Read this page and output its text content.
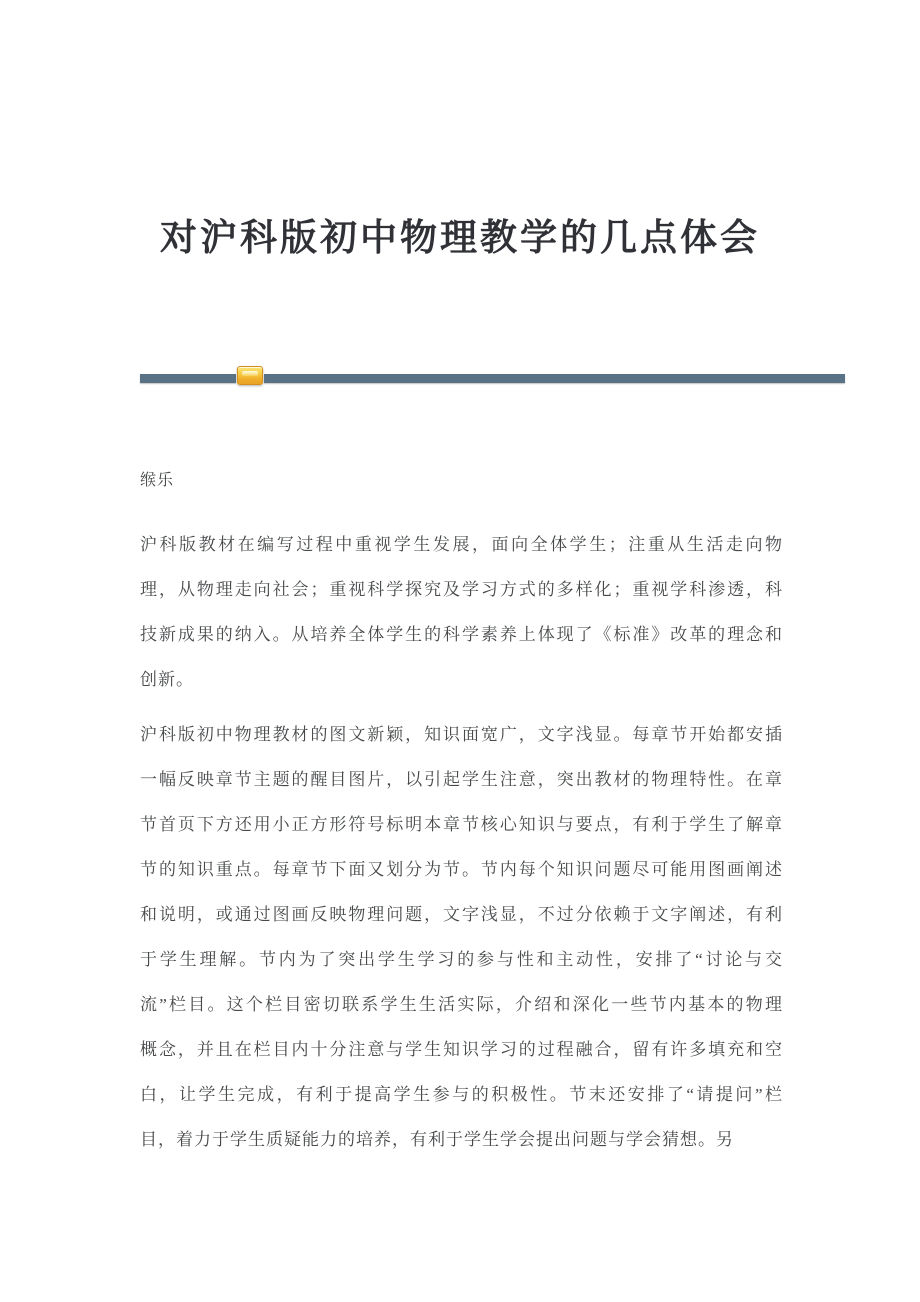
对沪科版初中物理教学的几点体会
缑乐
沪科版教材在编写过程中重视学生发展，面向全体学生；注重从生活走向物
理，从物理走向社会；重视科学探究及学习方式的多样化；重视学科渗透，科
技新成果的纳入。从培养全体学生的科学素养上体现了《标准》改革的理念和
创新。
沪科版初中物理教材的图文新颖，知识面宽广，文字浅显。每章节开始都安插
一幅反映章节主题的醒目图片，以引起学生注意，突出教材的物理特性。在章
节首页下方还用小正方形符号标明本章节核心知识与要点，有利于学生了解章
节的知识重点。每章节下面又划分为节。节内每个知识问题尽可能用图画阐述
和说明，或通过图画反映物理问题，文字浅显，不过分依赖于文字阐述，有利
于学生理解。节内为了突出学生学习的参与性和主动性，安排了“讨论与交
流”栏目。这个栏目密切联系学生生活实际，介绍和深化一些节内基本的物理
概念，并且在栏目内十分注意与学生知识学习的过程融合，留有许多填充和空
白，让学生完成，有利于提高学生参与的积极性。节末还安排了“请提问”栏
目，着力于学生质疑能力的培养，有利于学生学会提出问题与学会猜想。另
